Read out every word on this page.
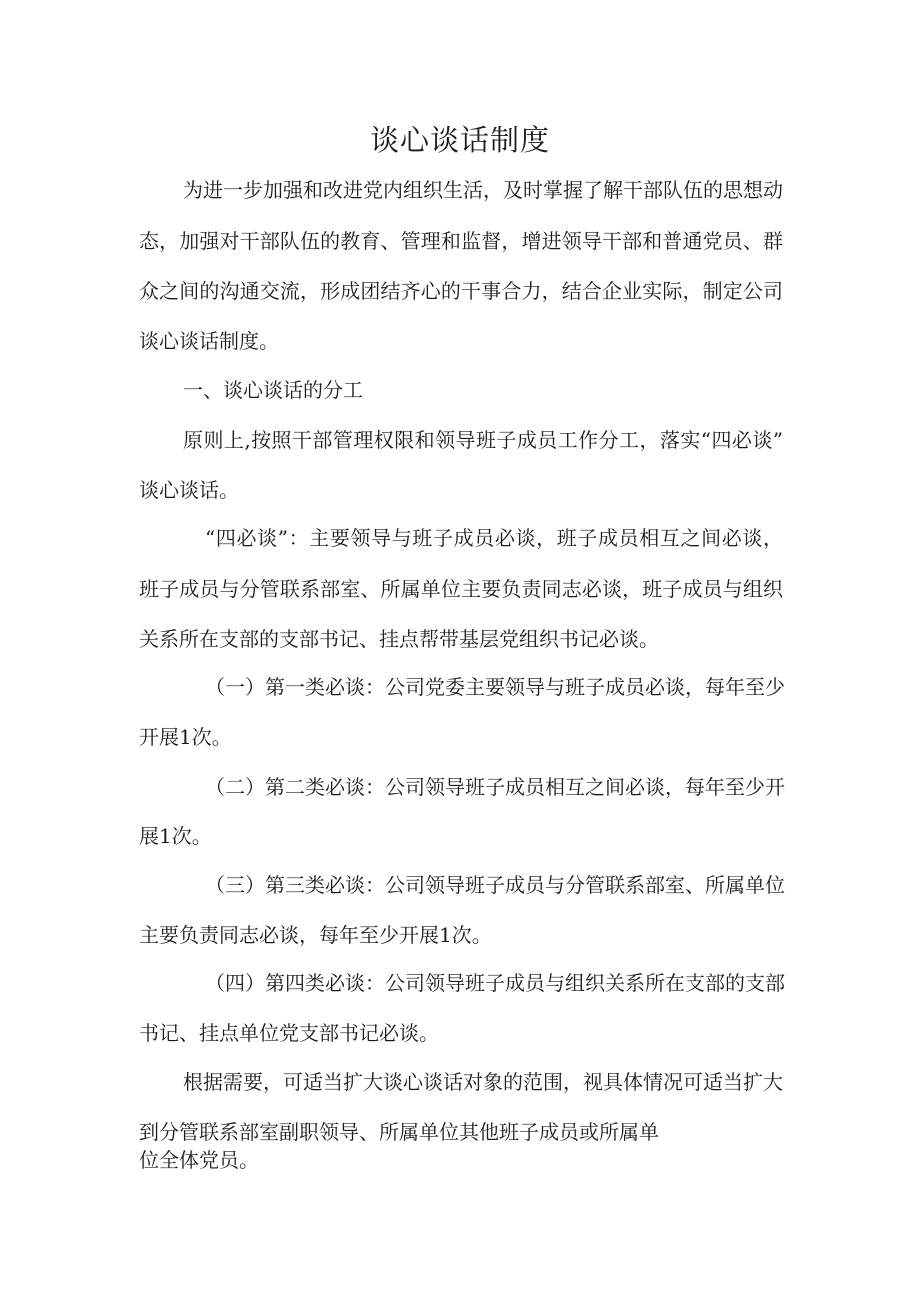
谈心谈话制度
为进一步加强和改进党内组织生活，及时掌握了解干部队伍的思想动
态，加强对干部队伍的教育、管理和监督，增进领导干部和普通党员、群
众之间的沟通交流，形成团结齐心的干事合力，结合企业实际，制定公司
谈心谈话制度。
一、谈心谈话的分工
原则上,按照干部管理权限和领导班子成员工作分工，落实“四必谈”
谈心谈话。
“四必谈”：主要领导与班子成员必谈，班子成员相互之间必谈，
班子成员与分管联系部室、所属单位主要负责同志必谈，班子成员与组织
关系所在支部的支部书记、挂点帮带基层党组织书记必谈。
（一）第一类必谈：公司党委主要领导与班子成员必谈，每年至少
开展1次。
（二）第二类必谈：公司领导班子成员相互之间必谈，每年至少开
展1次。
（三）第三类必谈：公司领导班子成员与分管联系部室、所属单位
主要负责同志必谈，每年至少开展1次。
（四）第四类必谈：公司领导班子成员与组织关系所在支部的支部
书记、挂点单位党支部书记必谈。
根据需要，可适当扩大谈心谈话对象的范围，视具体情况可适当扩大
到分管联系部室副职领导、所属单位其他班子成员或所属单
位全体党员。
